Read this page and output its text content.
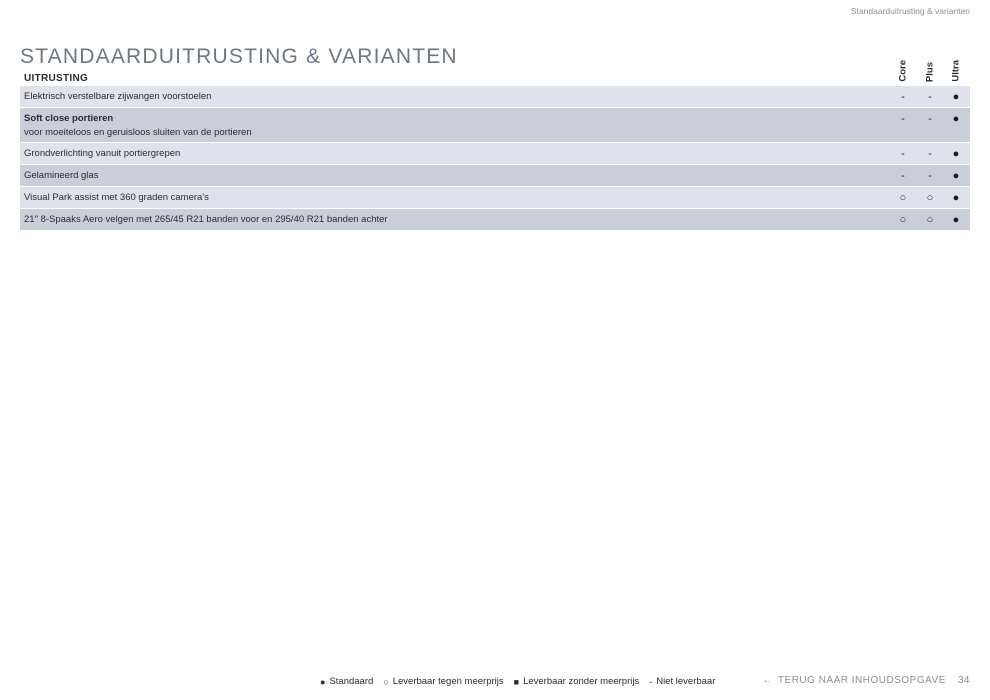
Standaarduitrusting & varianten
STANDAARDUITRUSTING & VARIANTEN
UITRUSTING	Core Plus Ultra
Elektrisch verstelbare zijwangen voorstoelen	-	-	●
Soft close portieren
voor moeiteloos en geruisloos sluiten van de portieren
-	-	●
Grondverlichting vanuit portiergrepen	-	-	●
Gelamineerd glas	-	-	●
Visual Park assist met 360 graden camera's	○	○	●
21" 8-Spaaks Aero velgen met 265/45 R21 banden voor en 295/40 R21 banden achter	○	○	●
● Standaard ○ Leverbaar tegen meerprijs ■ Leverbaar zonder meerprijs - Niet leverbaar	← TERUG NAAR INHOUDSOPGAVE 34
